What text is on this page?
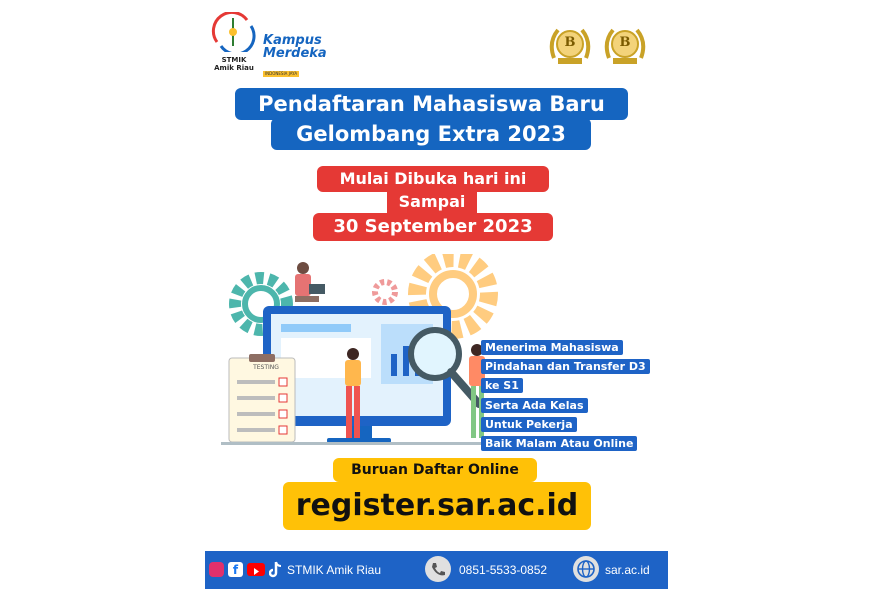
STMIK
Amik Riau
Kampus
Merdeka
INDONESIA JAYA
B	B
Pendaftaran Mahasiswa Baru
Gelombang Extra 2023
Mulai Dibuka hari ini
Sampai
30 September 2023
TESTING
Menerima Mahasiswa
Pindahan dan Transfer D3
ke S1
Serta Ada Kelas
Untuk Pekerja
Baik Malam Atau Online
Buruan Daftar Online
register.sar.ac.id
f	STMIK Amik Riau	0851-5533-0852	sar.ac.id
